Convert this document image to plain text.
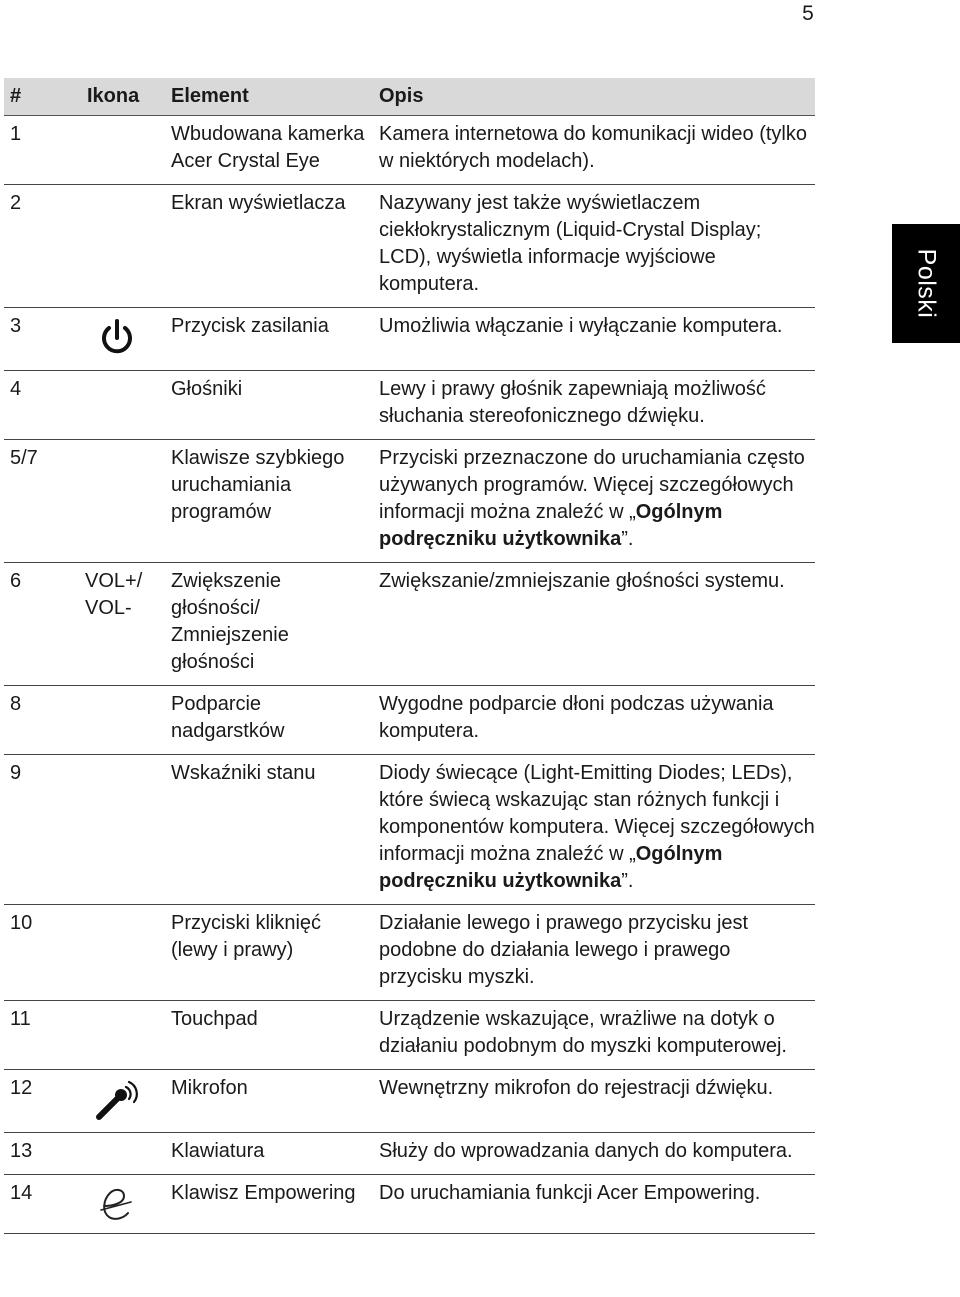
5
Polski
#	Ikona	Element	Opis
1		Wbudowana kamerka Acer Crystal Eye	Kamera internetowa do komunikacji wideo (tylko w niektórych modelach).
2		Ekran wyświetlacza	Nazywany jest także wyświetlaczem ciekłokrystalicznym (Liquid-Crystal Display; LCD), wyświetla informacje wyjściowe komputera.
3		Przycisk zasilania	Umożliwia włączanie i wyłączanie komputera.
4		Głośniki	Lewy i prawy głośnik zapewniają możliwość słuchania stereofonicznego dźwięku.
5/7		Klawisze szybkiego uruchamiania programów	Przyciski przeznaczone do uruchamiania często używanych programów. Więcej szczegółowych informacji można znaleźć w „Ogólnym podręczniku użytkownika”.
6	VOL+/ VOL-	Zwiększenie głośności/ Zmniejszenie głośności	Zwiększanie/zmniejszanie głośności systemu.
8		Podparcie nadgarstków	Wygodne podparcie dłoni podczas używania komputera.
9		Wskaźniki stanu	Diody świecące (Light-Emitting Diodes; LEDs), które świecą wskazując stan różnych funkcji i komponentów komputera. Więcej szczegółowych informacji można znaleźć w „Ogólnym podręczniku użytkownika”.
10		Przyciski kliknięć (lewy i prawy)	Działanie lewego i prawego przycisku jest podobne do działania lewego i prawego przycisku myszki.
11		Touchpad	Urządzenie wskazujące, wrażliwe na dotyk o działaniu podobnym do myszki komputerowej.
12		Mikrofon	Wewnętrzny mikrofon do rejestracji dźwięku.
13		Klawiatura	Służy do wprowadzania danych do komputera.
14		Klawisz Empowering	Do uruchamiania funkcji Acer Empowering.
